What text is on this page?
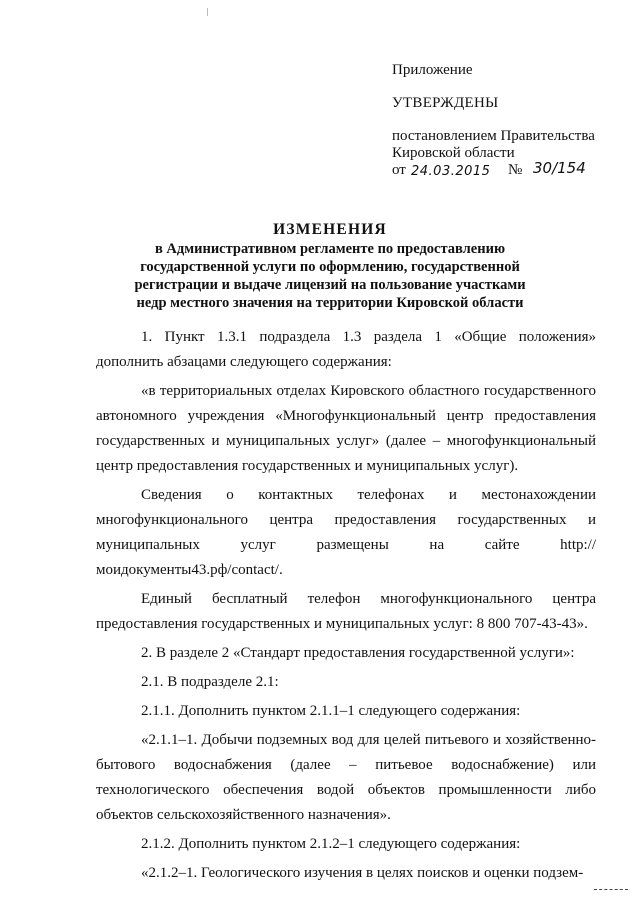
Приложение
УТВЕРЖДЕНЫ
постановлением Правительства
Кировской области
от 24.03.2015 № 30/154
ИЗМЕНЕНИЯ
в Административном регламенте по предоставлению
государственной услуги по оформлению, государственной
регистрации и выдаче лицензий на пользование участками
недр местного значения на территории Кировской области

1. Пункт 1.3.1 подраздела 1.3 раздела 1 «Общие положения» дополнить абзацами следующего содержания:

«в территориальных отделах Кировского областного государственного автономного учреждения «Многофункциональный центр предоставления государственных и муниципальных услуг» (далее – многофункциональный центр предоставления государственных и муниципальных услуг).

Сведения о контактных телефонах и местонахождении многофункционального центра предоставления государственных и муниципальных услуг размещены на сайте http://моидокументы43.рф/contact/.

Единый бесплатный телефон многофункционального центра предоставления государственных и муниципальных услуг: 8 800 707-43-43».

2. В разделе 2 «Стандарт предоставления государственной услуги»:

2.1. В подразделе 2.1:

2.1.1. Дополнить пунктом 2.1.1–1 следующего содержания:

«2.1.1–1. Добычи подземных вод для целей питьевого и хозяйственно-бытового водоснабжения (далее – питьевое водоснабжение) или технологического обеспечения водой объектов промышленности либо объектов сельскохозяйственного назначения».

2.1.2. Дополнить пунктом 2.1.2–1 следующего содержания:

«2.1.2–1. Геологического изучения в целях поисков и оценки подзем-
